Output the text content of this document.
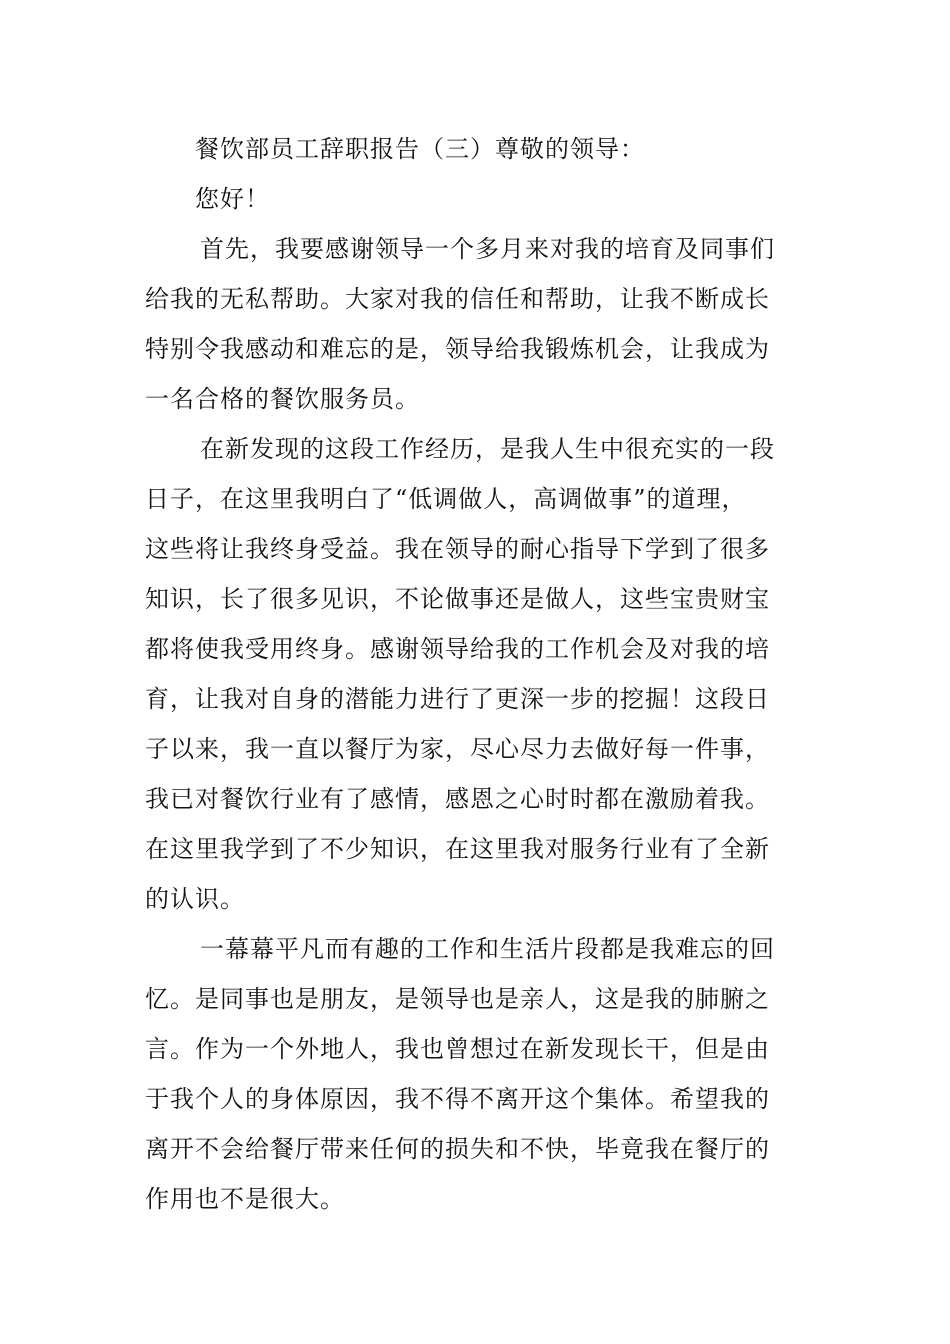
餐饮部员工辞职报告（三）尊敬的领导：
您好！
首先，我要感谢领导一个多月来对我的培育及同事们
给我的无私帮助。大家对我的信任和帮助，让我不断成长
特别令我感动和难忘的是，领导给我锻炼机会，让我成为
一名合格的餐饮服务员。
在新发现的这段工作经历，是我人生中很充实的一段
日子，在这里我明白了“低调做人，高调做事”的道理，
这些将让我终身受益。我在领导的耐心指导下学到了很多
知识，长了很多见识，不论做事还是做人，这些宝贵财宝
都将使我受用终身。感谢领导给我的工作机会及对我的培
育，让我对自身的潜能力进行了更深一步的挖掘！这段日
子以来，我一直以餐厅为家，尽心尽力去做好每一件事，
我已对餐饮行业有了感情，感恩之心时时都在激励着我。
在这里我学到了不少知识，在这里我对服务行业有了全新
的认识。
一幕幕平凡而有趣的工作和生活片段都是我难忘的回
忆。是同事也是朋友，是领导也是亲人，这是我的肺腑之
言。作为一个外地人，我也曾想过在新发现长干，但是由
于我个人的身体原因，我不得不离开这个集体。希望我的
离开不会给餐厅带来任何的损失和不快，毕竟我在餐厅的
作用也不是很大。
